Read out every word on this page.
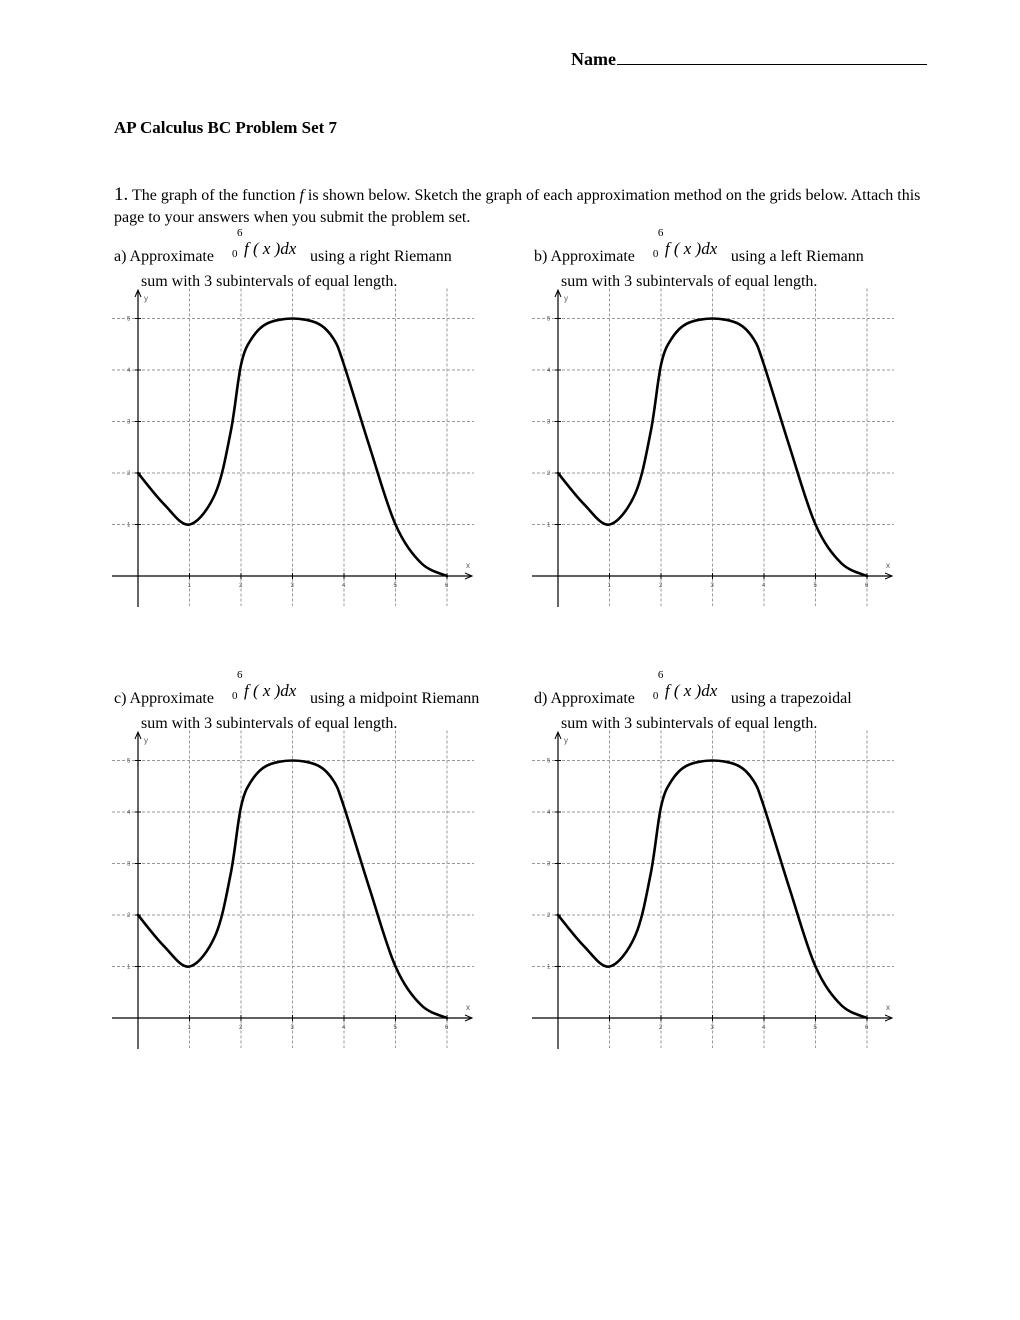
Name
AP Calculus BC Problem Set 7
1. The graph of the function f is shown below. Sketch the graph of each approximation method on the grids below. Attach this page to your answers when you submit the problem set.
a) Approximate
6
0 f ( x )dx using a right Riemann
sum with 3 subintervals of equal length.
b) Approximate
6
0 f ( x )dx using a left Riemann
sum with 3 subintervals of equal length.
c) Approximate
6
0 f ( x )dx using a midpoint Riemann
sum with 3 subintervals of equal length.
d) Approximate
6
0 f ( x )dx using a trapezoidal
sum with 3 subintervals of equal length.
y
x
1	2	3	4	5	6
1
2
3
4
5
y
x
1	2	3	4	5	6
1
2
3
4
5
y
x
1	2	3	4	5	6
1
2
3
4
5
y
x
1	2	3	4	5	6
1
2
3
4
5
